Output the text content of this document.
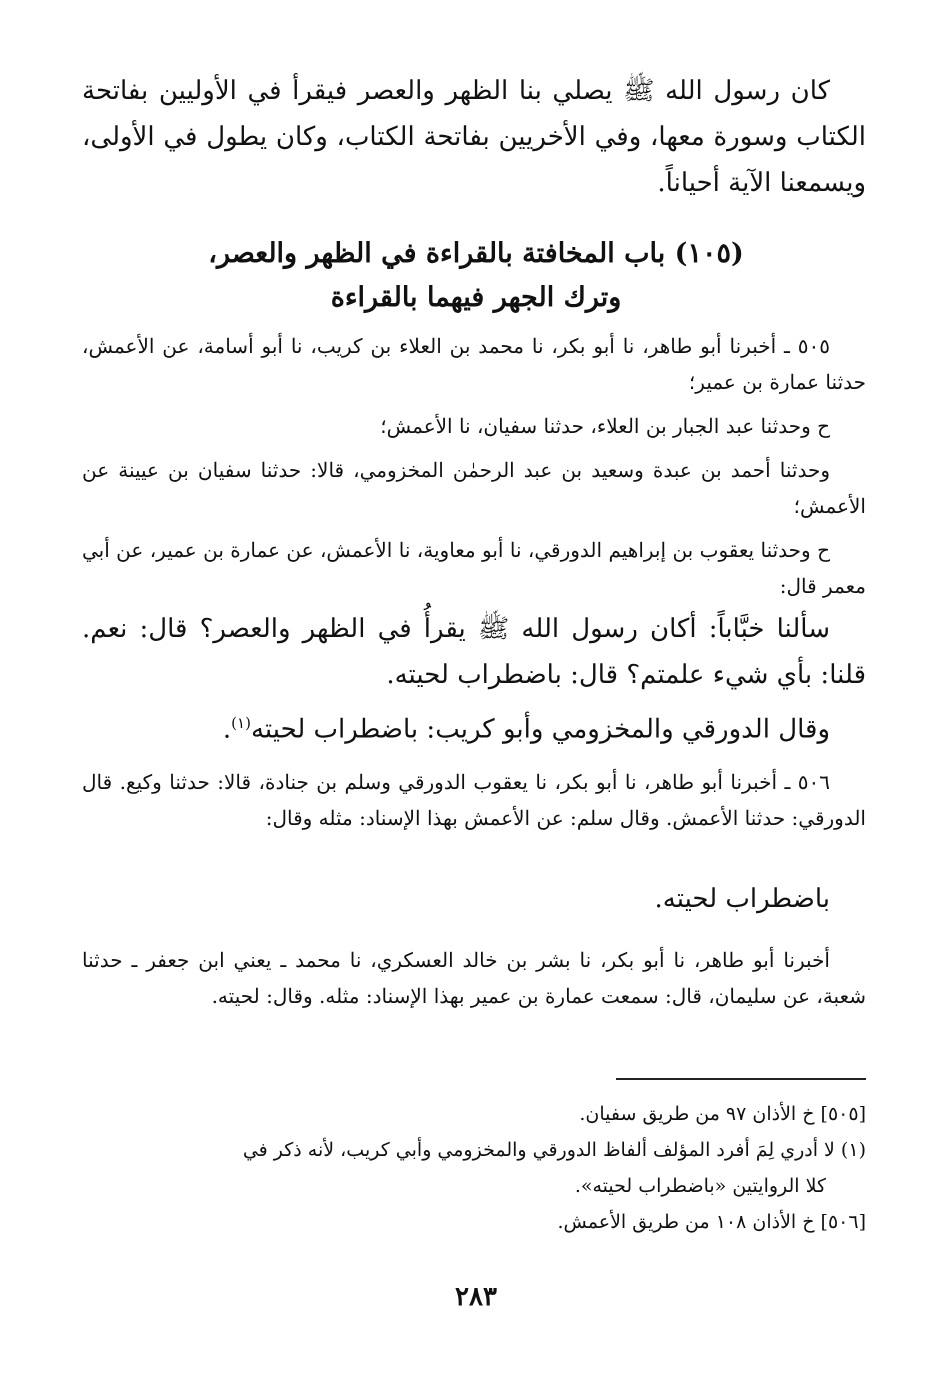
كان رسول الله ﷺ يصلي بنا الظهر والعصر فيقرأ في الأوليين بفاتحة الكتاب وسورة معها، وفي الأخريين بفاتحة الكتاب، وكان يطول في الأولى، ويسمعنا الآية أحياناً.

(١٠٥) باب المخافتة بالقراءة في الظهر والعصر،
وترك الجهر فيهما بالقراءة

٥٠٥ ـ أخبرنا أبو طاهر، نا أبو بكر، نا محمد بن العلاء بن كريب، نا أبو أسامة، عن الأعمش، حدثنا عمارة بن عمير؛

ح وحدثنا عبد الجبار بن العلاء، حدثنا سفيان، نا الأعمش؛

وحدثنا أحمد بن عبدة وسعيد بن عبد الرحمٰن المخزومي، قالا: حدثنا سفيان بن عيينة عن الأعمش؛

ح وحدثنا يعقوب بن إبراهيم الدورقي، نا أبو معاوية، نا الأعمش، عن عمارة بن عمير، عن أبي معمر قال:

سألنا خبَّاباً: أكان رسول الله ﷺ يقرأُ في الظهر والعصر؟ قال: نعم. قلنا: بأي شيء علمتم؟ قال: باضطراب لحيته.

وقال الدورقي والمخزومي وأبو كريب: باضطراب لحيته$^{(١)}$.

٥٠٦ ـ أخبرنا أبو طاهر، نا أبو بكر، نا يعقوب الدورقي وسلم بن جنادة، قالا: حدثنا وكيع. قال الدورقي: حدثنا الأعمش. وقال سلم: عن الأعمش بهذا الإسناد: مثله وقال:

باضطراب لحيته.

أخبرنا أبو طاهر، نا أبو بكر، نا بشر بن خالد العسكري، نا محمد ـ يعني ابن جعفر ـ حدثنا شعبة، عن سليمان، قال: سمعت عمارة بن عمير بهذا الإسناد: مثله. وقال: لحيته.

[٥٠٥] خ الأذان ٩٧ من طريق سفيان.

(١) لا أدري لِمَ أفرد المؤلف ألفاظ الدورقي والمخزومي وأبي كريب، لأنه ذكر في

كلا الروايتين «باضطراب لحيته».

[٥٠٦] خ الأذان ١٠٨ من طريق الأعمش.

٢٨٣
